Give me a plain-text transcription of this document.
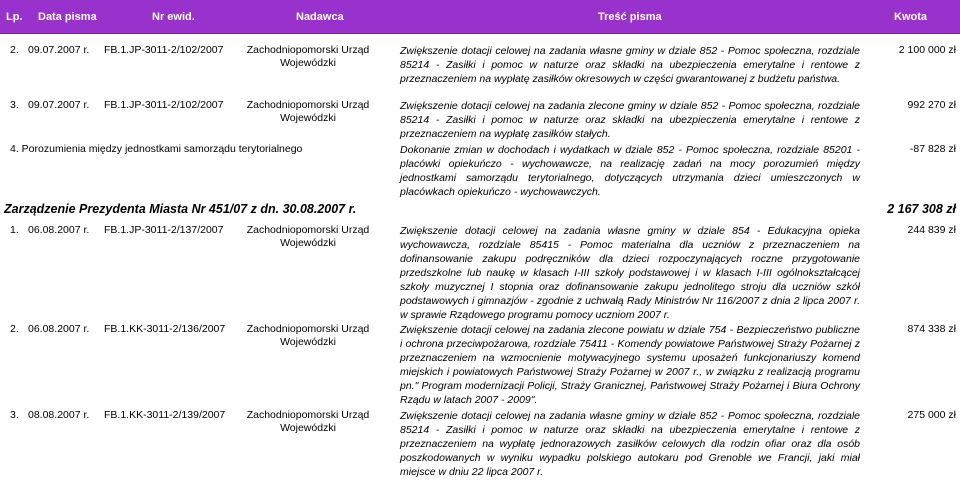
Lp. Data pisma	Nr ewid.	Nadawca	Treść pisma	Kwota
2. 09.07.2007 r. FB.1.JP-3011-2/102/2007	Zachodniopomorski Urząd Wojewódzki
Zwiększenie dotacji celowej na zadania własne gminy w dziale 852 - Pomoc społeczna, rozdziale 85214 - Zasiłki i pomoc w naturze oraz składki na ubezpieczenia emerytalne i rentowe z przeznaczeniem na wypłatę zasiłków okresowych w części gwarantowanej z budżetu państwa.
2 100 000 zł
3. 09.07.2007 r. FB.1.JP-3011-2/102/2007	Zachodniopomorski Urząd Wojewódzki
Zwiększenie dotacji celowej na zadania zlecone gminy w dziale 852 - Pomoc społeczna, rozdziale 85214 - Zasiłki i pomoc w naturze oraz składki na ubezpieczenia emerytalne i rentowe z przeznaczeniem na wypłatę zasiłków stałych.
992 270 zł
4. Porozumienia między jednostkami samorządu terytorialnego	Dokonanie zmian w dochodach i wydatkach w dziale 852 - Pomoc społeczna, rozdziale 85201 - placówki opiekuńczo - wychowawcze, na realizację zadań na mocy porozumień między jednostkami samorządu terytorialnego, dotyczących utrzymania dzieci umieszczonych w placówkach opiekuńczo - wychowawczych.
-87 828 zł
Zarządzenie Prezydenta Miasta Nr 451/07 z dn. 30.08.2007 r.	2 167 308 zł
1. 06.08.2007 r. FB.1.JP-3011-2/137/2007	Zachodniopomorski Urząd Wojewódzki
Zwiększenie dotacji celowej na zadania własne gminy w dziale 854 - Edukacyjna opieka wychowawcza, rozdziale 85415 - Pomoc materialna dla uczniów z przeznaczeniem na dofinansowanie zakupu podręczników dla dzieci rozpoczynających roczne przygotowanie przedszkolne lub naukę w klasach I-III szkoły podstawowej i w klasach I-III ogólnokształcącej szkoły muzycznej I stopnia oraz dofinansowanie zakupu jednolitego stroju dla uczniów szkół podstawowych i gimnazjów - zgodnie z uchwałą Rady Ministrów Nr 116/2007 z dnia 2 lipca 2007 r. w sprawie Rządowego programu pomocy uczniom 2007 r.
244 839 zł
2. 06.08.2007 r. FB.1.KK-3011-2/136/2007	Zachodniopomorski Urząd Wojewódzki
Zwiększenie dotacji celowej na zadania zlecone powiatu w dziale 754 - Bezpieczeństwo publiczne i ochrona przeciwpożarowa, rozdziale 75411 - Komendy powiatowe Państwowej Straży Pożarnej z przeznaczeniem na wzmocnienie motywacyjnego systemu uposażeń funkcjonariuszy komend miejskich i powiatowych Państwowej Straży Pożarnej w 2007 r., w związku z realizacją programu pn." Program modernizacji Policji, Straży Granicznej, Państwowej Straży Pożarnej i Biura Ochrony Rządu w latach 2007 - 2009".
874 338 zł
3. 08.08.2007 r. FB.1.KK-3011-2/139/2007	Zachodniopomorski Urząd Wojewódzki
Zwiększenie dotacji celowej na zadania własne gminy w dziale 852 - Pomoc społeczna, rozdziale 85214 - Zasiłki i pomoc w naturze oraz składki na ubezpieczenia emerytalne i rentowe z przeznaczeniem na wypłatę jednorazowych zasiłków celowych dla rodzin ofiar oraz dla osób poszkodowanych w wyniku wypadku polskiego autokaru pod Grenoble we Francji, jaki miał miejsce w dniu 22 lipca 2007 r.
275 000 zł
